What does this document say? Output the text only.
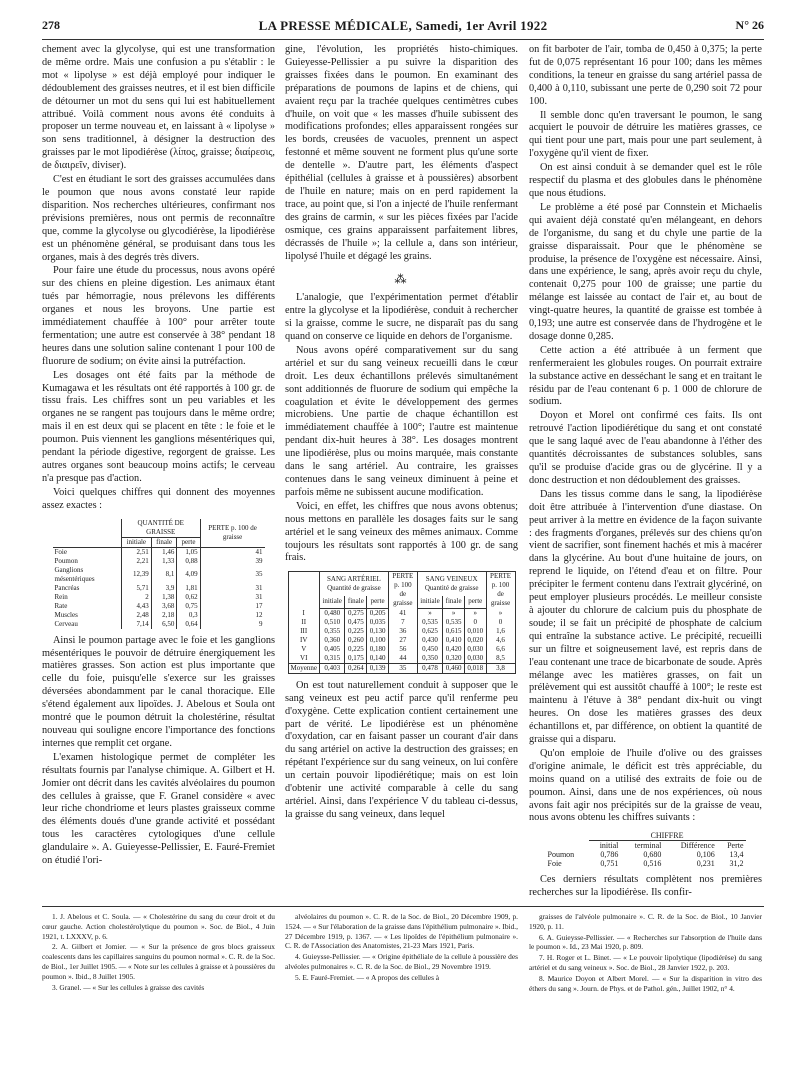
278	LA PRESSE MÉDICALE, Samedi, 1er Avril 1922	N° 26

chement avec la glycolyse, qui est une transformation de même ordre. Mais une confusion a pu s'établir : le mot « lipolyse » est déjà employé pour indiquer le dédoublement des graisses neutres, et il est bien difficile de détourner un mot du sens qui lui est habituellement attribué. Voilà comment nous avons été conduits à proposer un terme nouveau et, en laissant à « lipolyse » son sens traditionnel, à désigner la destruction des graisses par le mot lipodiérèse (λίπος, graisse; διαίρεσις, de διαιρεῖν, diviser).

C'est en étudiant le sort des graisses accumulées dans le poumon que nous avons constaté leur rapide disparition. Nos recherches ultérieures, confirmant nos prévisions premières, nous ont permis de reconnaître que, comme la glycolyse ou glycodiérèse, la lipodiérèse est un phénomène général, se produisant dans tous les organes, mais à des degrés très divers.

Pour faire une étude du processus, nous avons opéré sur des chiens en pleine digestion. Les animaux étant tués par hémorragie, nous prélevons les différents organes et nous les broyons. Une partie est immédiatement chauffée à 100° pour arrêter toute fermentation; une autre est conservée à 38° pendant 18 heures dans une solution saline contenant 1 pour 100 de fluorure de sodium; on évite ainsi la putréfaction.

Les dosages ont été faits par la méthode de Kumagawa et les résultats ont été rapportés à 100 gr. de tissu frais. Les chiffres sont un peu variables et les organes ne se rangent pas toujours dans le même ordre; mais il en est deux qui se placent en tête : le foie et le poumon. Puis viennent les ganglions mésentériques qui, pendant la période digestive, regorgent de graisse. Les autres organes sont beaucoup moins actifs; le cerveau n'a presque pas d'action.

Voici quelques chiffres qui donnent des moyennes assez exactes :

	QUANTITÉ DE GRAISSE			PERTE p. 100 de graisse
	initiale	finale	perte	
Foie	2,51	1,46	1,05	41
Poumon	2,21	1,33	0,88	39
Ganglions mésentériques	12,39	8,1	4,09	35
Pancréas	5,71	3,9	1,81	31
Rein	2	1,38	0,62	31
Rate	4,43	3,68	0,75	17
Muscles	2,48	2,18	0,3	12
Cerveau	7,14	6,50	0,64	9

Ainsi le poumon partage avec le foie et les ganglions mésentériques le pouvoir de détruire énergiquement les matières grasses. Son action est plus importante que celle du foie, puisqu'elle s'exerce sur les graisses déversées abondamment par le canal thoracique. Elle s'étend également aux lipoïdes. J. Abelous et Soula ont montré que le poumon détruit la cholestérine, résultat nouveau qui souligne encore l'importance des fonctions internes que remplit cet organe.

L'examen histologique permet de compléter les résultats fournis par l'analyse chimique. A. Gilbert et H. Jomier ont décrit dans les cavités alvéolaires du poumon des cellules à graisse, que F. Granel considère « avec leur riche chondriome et leurs plastes graisseux comme des éléments doués d'une grande activité et possédant tous les caractères cytologiques d'une cellule glandulaire ». A. Guieyesse-Pellissier, E. Fauré-Fremiet on étudié l'ori-

gine, l'évolution, les propriétés histo-chimiques. Guieyesse-Pellissier a pu suivre la disparition des graisses fixées dans le poumon. En examinant des préparations de poumons de lapins et de chiens, qui avaient reçu par la trachée quelques centimètres cubes d'huile, on voit que « les masses d'huile subissent des modifications profondes; elles apparaissent rongées sur les bords, creusées de vacuoles, prennent un aspect festonné et même souvent ne forment plus qu'une sorte de dentelle ». D'autre part, les éléments d'aspect épithélial (cellules à graisse et à poussières) absorbent de l'huile en nature; mais on en perd rapidement la trace, au point que, si l'on a injecté de l'huile renfermant des grains de carmin, « sur les pièces fixées par l'acide osmique, ces grains apparaissent parfaitement libres, décrassés de l'huile »; la cellule a, dans son intérieur, lipolysé l'huile et dégagé les grains.

⁂

L'analogie, que l'expérimentation permet d'établir entre la glycolyse et la lipodiérèse, conduit à rechercher si la graisse, comme le sucre, ne disparaît pas du sang quand on conserve ce liquide en dehors de l'organisme.

Nous avons opéré comparativement sur du sang artériel et sur du sang veineux recueilli dans le cœur droit. Les deux échantillons prélevés simultanément sont additionnés de fluorure de sodium qui empêche la coagulation et évite le développement des germes microbiens. Une partie de chaque échantillon est immédiatement chauffée à 100°; l'autre est maintenue pendant dix-huit heures à 38°. Les dosages montrent une lipodiérèse, plus ou moins marquée, mais constante dans le sang artériel. Au contraire, les graisses contenues dans le sang veineux diminuent à peine et parfois même ne subissent aucune modification.

Voici, en effet, les chiffres que nous avons obtenus; nous mettons en parallèle les dosages faits sur le sang artériel et le sang veineux des mêmes animaux. Comme toujours les résultats sont rapportés à 100 gr. de sang frais.

	SANG ARTÉRIEL Quantité de graisse			PERTE p. 100 de graisse	SANG VEINEUX Quantité de graisse			PERTE p. 100 de graisse
	initiale	finale	perte		initiale	finale	perte	
I	0,480	0,275	0,205	41	»	»	»	»
II	0,510	0,475	0,035	7	0,535	0,535	0	0
III	0,355	0,225	0,130	36	0,625	0,615	0,010	1,6
IV	0,360	0,260	0,100	27	0,430	0,410	0,020	4,6
V	0,405	0,225	0,180	56	0,450	0,420	0,030	6,6
VI	0,315	0,175	0,140	44	0,350	0,320	0,030	8,5
Moyenne	0,403	0,264	0,139	35	0,478	0,460	0,018	3,8

On est tout naturellement conduit à supposer que le sang veineux est peu actif parce qu'il renferme peu d'oxygène. Cette explication contient certainement une part de vérité. Le lipodiérèse est un phénomène d'oxydation, car en faisant passer un courant d'air dans du sang artériel on active la destruction des graisses; en répétant l'expérience sur du sang veineux, on lui confère un certain pouvoir lipodiérétique; mais on est loin d'obtenir une activité comparable à celle du sang artériel. Ainsi, dans l'expérience V du tableau ci-dessus, la graisse du sang veineux, dans lequel

on fit barboter de l'air, tomba de 0,450 à 0,375; la perte fut de 0,075 représentant 16 pour 100; dans les mêmes conditions, la teneur en graisse du sang artériel passa de 0,400 à 0,110, subissant une perte de 0,290 soit 72 pour 100.

Il semble donc qu'en traversant le poumon, le sang acquiert le pouvoir de détruire les matières grasses, ce qui tient pour une part, mais pour une part seulement, à l'oxygène qu'il vient de fixer.

On est ainsi conduit à se demander quel est le rôle respectif du plasma et des globules dans le phénomène que nous étudions.

Le problème a été posé par Connstein et Michaelis qui avaient déjà constaté qu'en mélangeant, en dehors de l'organisme, du sang et du chyle une partie de la graisse disparaissait. Pour que le phénomène se produise, la présence de l'oxygène est nécessaire. Ainsi, dans une expérience, le sang, après avoir reçu du chyle, contenait 0,275 pour 100 de graisse; une partie du mélange est laissée au contact de l'air et, au bout de vingt-quatre heures, la quantité de graisse est tombée à 0,193; une autre est conservée dans de l'hydrogène et le dosage donne 0,285.

Cette action a été attribuée à un ferment que renfermeraient les globules rouges. On pourrait extraire la substance active en desséchant le sang et en traitant le résidu par de l'eau contenant 6 p. 1 000 de chlorure de sodium.

Doyon et Morel ont confirmé ces faits. Ils ont retrouvé l'action lipodiérétique du sang et ont constaté que le sang laqué avec de l'eau abandonne à l'éther des quantités décroissantes de substances solubles, sans qu'il se produise d'acide gras ou de glycérine. Il y a donc destruction et non dédoublement des graisses.

Dans les tissus comme dans le sang, la lipodiérèse doit être attribuée à l'intervention d'une diastase. On peut arriver à la mettre en évidence de la façon suivante : des fragments d'organes, prélevés sur des chiens qu'on vient de sacrifier, sont finement hachés et mis à macérer dans la glycérine. Au bout d'une huitaine de jours, on reprend le liquide, on l'étend d'eau et on filtre. Pour précipiter le ferment contenu dans l'extrait glycériné, on peut employer plusieurs procédés. Le meilleur consiste à ajouter du chlorure de calcium puis du phosphate de soude; il se fait un précipité de phosphate de calcium qui entraîne la substance active. Le précipité, recueilli sur un filtre et soigneusement lavé, est repris dans de l'eau contenant une trace de bicarbonate de soude. Après mélange avec les matières grasses, on fait un prélèvement qui est aussitôt chauffé à 100°; le reste est maintenu à l'étuve à 38° pendant dix-huit ou vingt heures. On dose les matières grasses des deux échantillons et, par différence, on obtient la quantité de graisse qui a disparu.

Qu'on emploie de l'huile d'olive ou des graisses d'origine animale, le déficit est très appréciable, du moins quand on a utilisé des extraits de foie ou de poumon. Ainsi, dans une de nos expériences, où nous avons fait agir nos précipités sur de la graisse de veau, nous avons obtenu les chiffres suivants :

	CHIFFRE			
	initial	terminal	Différence	Perte
Poumon	0,786	0,680	0,106	13,4
Foie	0,751	0,516	0,231	31,2

Ces derniers résultats complètent nos premières recherches sur la lipodiérèse. Ils confir-

1. J. Abelous et C. Soula. — « Cholestérine du sang du cœur droit et du cœur gauche. Action cholestérolytique du poumon ». Soc. de Biol., 4 Juin 1921, t. LXXXV, p. 6.

2. A. Gilbert et Jomier. — « Sur la présence de gros blocs graisseux coalescents dans les capillaires sanguins du poumon normal ». C. R. de la Soc. de Biol., 1er Juillet 1905. — « Note sur les cellules à graisse et à poussières du poumon ». Ibid., 8 Juillet 1905.

3. Granel. — « Sur les cellules à graisse des cavités

alvéolaires du poumon ». C. R. de la Soc. de Biol., 20 Décembre 1909, p. 1524. — « Sur l'élaboration de la graisse dans l'épithélium pulmonaire ». Ibid., 27 Décembre 1919, p. 1367. — « Les lipoïdes de l'épithélium pulmonaire ». C. R. de l'Association des Anatomistes, 21-23 Mars 1921, Paris.

4. Guieysse-Pellissier. — « Origine épithéliale de la cellule à poussière des alvéoles pulmonaires ». C. R. de la Soc. de Biol., 29 Novembre 1919.

5. E. Fauré-Fremiet. — « A propos des cellules à

graisses de l'alvéole pulmonaire ». C. R. de la Soc. de Biol., 10 Janvier 1920, p. 11.

6. A. Guieysse-Pellissier. — « Recherches sur l'absorption de l'huile dans le poumon ». Id., 23 Mai 1920, p. 809.

7. H. Roger et L. Binet. — « Le pouvoir lipolytique (lipodiérèse) du sang artériel et du sang veineux ». Soc. de Biol., 28 Janvier 1922, p. 203.

8. Maurice Doyon et Albert Morel. — « Sur la disparition in vitro des éthers du sang ». Journ. de Phys. et de Pathol. gén., Juillet 1902, n° 4.
